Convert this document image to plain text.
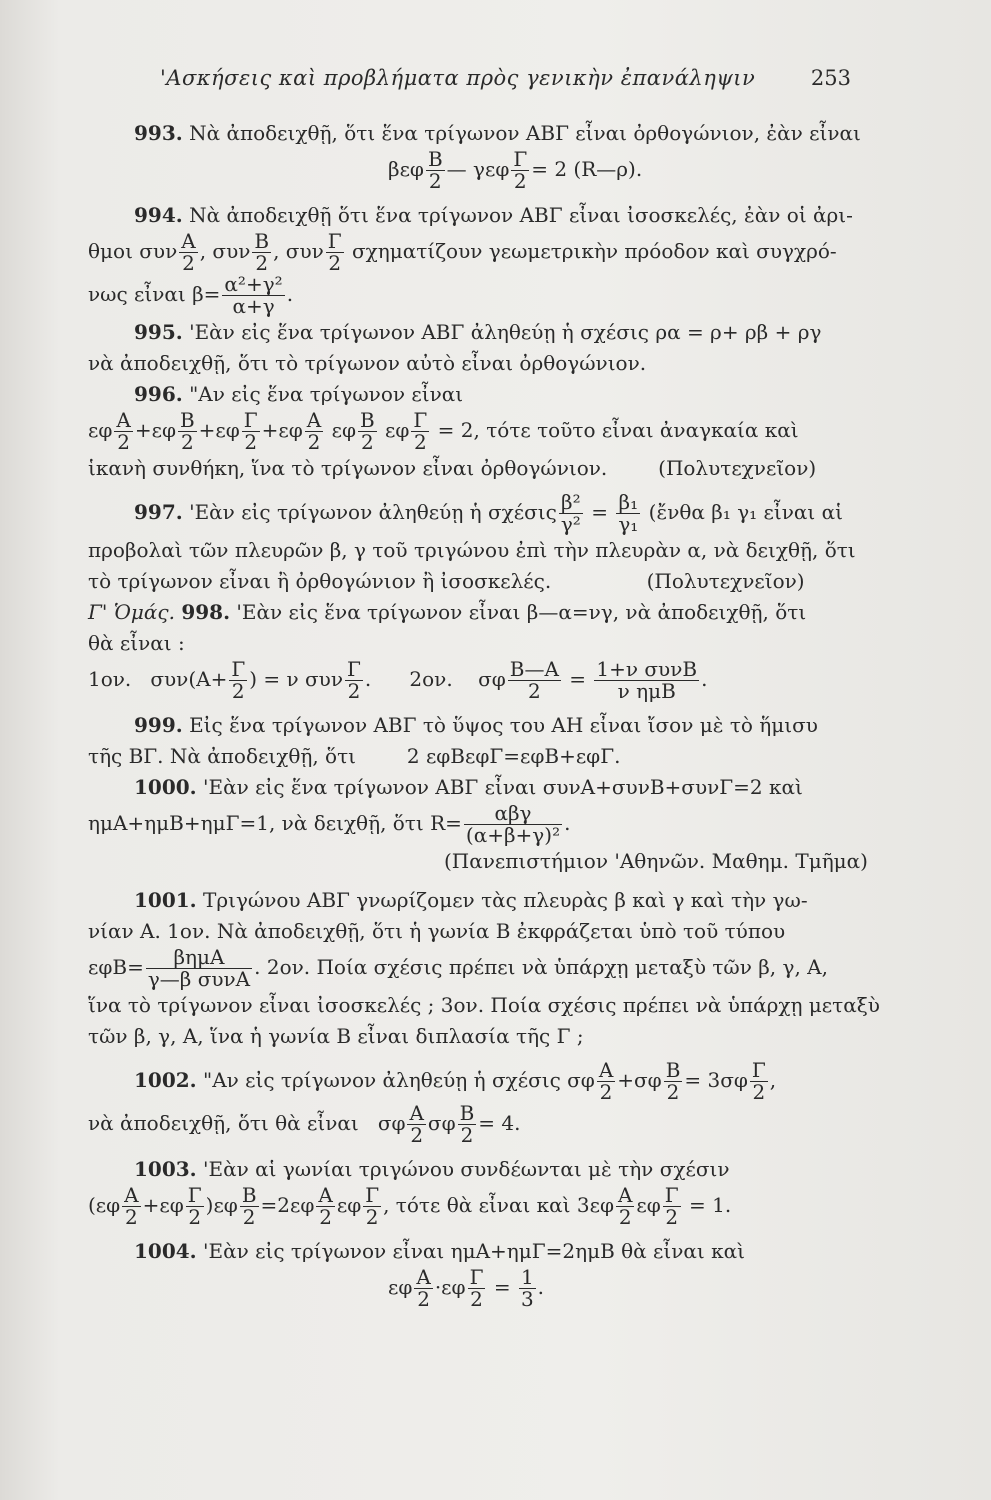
'Ασκήσεις καὶ προβλήματα πρὸς γενικὴν ἐπανάληψιν	253
993. Νὰ ἀποδειχθῇ, ὅτι ἕνα τρίγωνον ΑΒΓ εἶναι ὀρθογώνιον, ἐὰν εἶναι
βεφ $\frac{B}{2}$ — γεφ $\frac{\Gamma}{2} = 2$ (R—ρ).
994. Νὰ ἀποδειχθῇ ὅτι ἕνα τρίγωνον ΑΒΓ εἶναι ἰσοσκελές, ἐὰν οἱ ἀρι-
θμοι συν $\frac{A}{2}$ , συν $\frac{B}{2}$ , συν $\frac{\Gamma}{2}$ σχηματίζουν γεωμετρικὴν πρόοδον καὶ συγχρό-
νως εἶναι $\beta= \frac{\text{α²+γ²}}{\alpha+\gamma}$ .
995. 'Εὰν εἰς ἕνα τρίγωνον ΑΒΓ ἀληθεύῃ ἡ σχέσις ρα = ρ+ ρβ + ργ
νὰ ἀποδειχθῇ, ὅτι τὸ τρίγωνον αὐτὸ εἶναι ὀρθογώνιον.
996. "Αν εἰς ἕνα τρίγωνον εἶναι
εφ $\frac{A}{2} +\varepsilon\varphi \frac{B}{2} +\varepsilon\varphi \frac{\Gamma}{2} +\varepsilon\varphi \frac{A}{2}$ εφ $\frac{B}{2}$ εφ $\frac{\Gamma}{2} = 2$, τότε τοῦτο εἶναι ἀναγκαία καὶ
ἱκανὴ συνθήκη, ἵνα τὸ τρίγωνον εἶναι ὀρθογώνιον.	(Πολυτεχνεῖον)
997. 'Εὰν εἰς τρίγωνον ἀληθεύῃ ἡ σχέσις $\frac{\text{β²}}{\text{γ²}} = \frac{\text{β₁}}{\text{γ₁}}$ (ἔνθα β₁ γ₁ εἶναι αἱ
προβολαὶ τῶν πλευρῶν β, γ τοῦ τριγώνου ἐπὶ τὴν πλευρὰν α, νὰ δειχθῇ, ὅτι
τὸ τρίγωνον εἶναι ἢ ὀρθογώνιον ἢ ἰσοσκελές.	(Πολυτεχνεῖον)
Γ' Ὁμάς. 998. 'Εὰν εἰς ἕνα τρίγωνον εἶναι β—α=νγ, νὰ ἀποδειχθῇ, ὅτι
θὰ εἶναι :
1ον. $\sigma\upsilon\nu(A+ \frac{\Gamma}{2}$ ) = ν συν $\frac{\Gamma}{2}$ .      2ον. σφ $\frac{B—A}{2} = \frac{\text{1+ν συνΒ}}{\text{ν ημΒ}}$ .
999. Εἰς ἕνα τρίγωνον ΑΒΓ τὸ ὕψος του ΑΗ εἶναι ἴσον μὲ τὸ ἥμισυ
τῆς ΒΓ. Νὰ ἀποδειχθῇ, ὅτι	2 εφΒεφΓ=εφΒ+εφΓ.
1000. 'Εὰν εἰς ἕνα τρίγωνον ΑΒΓ εἶναι συνΑ+συνΒ+συνΓ=2 καὶ
ημΑ+ημΒ+ημΓ=1, νὰ δειχθῇ, ὅτι $R= \frac{\text{αβγ}}{\text{(α+β+γ)²}}$ .
(Πανεπιστήμιον 'Αθηνῶν. Μαθημ. Τμῆμα)
1001. Τριγώνου ΑΒΓ γνωρίζομεν τὰς πλευρὰς β καὶ γ καὶ τὴν γω-
νίαν Α. 1ον. Νὰ ἀποδειχθῇ, ὅτι ἡ γωνία Β ἐκφράζεται ὑπὸ τοῦ τύπου
$\varepsilon\varphi B= \frac{\text{βημΑ}}{\text{γ—β συνΑ}}$ . 2ον. Ποία σχέσις πρέπει νὰ ὑπάρχῃ μεταξὺ τῶν β, γ, Α,
ἵνα τὸ τρίγωνον εἶναι ἰσοσκελές ; 3ον. Ποία σχέσις πρέπει νὰ ὑπάρχῃ μεταξὺ
τῶν β, γ, Α, ἵνα ἡ γωνία Β εἶναι διπλασία τῆς Γ ;
1002. "Αν εἰς τρίγωνον ἀληθεύῃ ἡ σχέσις σφ $\frac{A}{2} +\sigma\varphi \frac{B}{2} = 3\sigma\varphi \frac{\Gamma}{2}$ ,
νὰ ἀποδειχθῇ, ὅτι θὰ εἶναι σφ $\frac{A}{2}$ σφ $\frac{B}{2} = 4$.
1003. 'Εὰν αἱ γωνίαι τριγώνου συνδέωνται μὲ τὴν σχέσιν
$(\varepsilon\varphi \frac{A}{2} +\varepsilon\varphi \frac{\Gamma}{2} )\varepsilon\varphi \frac{B}{2} =2\varepsilon\varphi \frac{A}{2}$ εφ $\frac{\Gamma}{2}$ , τότε θὰ εἶναι καὶ $3\varepsilon\varphi \frac{A}{2}$ εφ $\frac{\Gamma}{2} = 1$.
1004. 'Εὰν εἰς τρίγωνον εἶναι ημΑ+ημΓ=2ημΒ θὰ εἶναι καὶ
εφ $\frac{A}{2} \cdot\varepsilon\varphi \frac{\Gamma}{2} = \frac{1}{3}$ .
